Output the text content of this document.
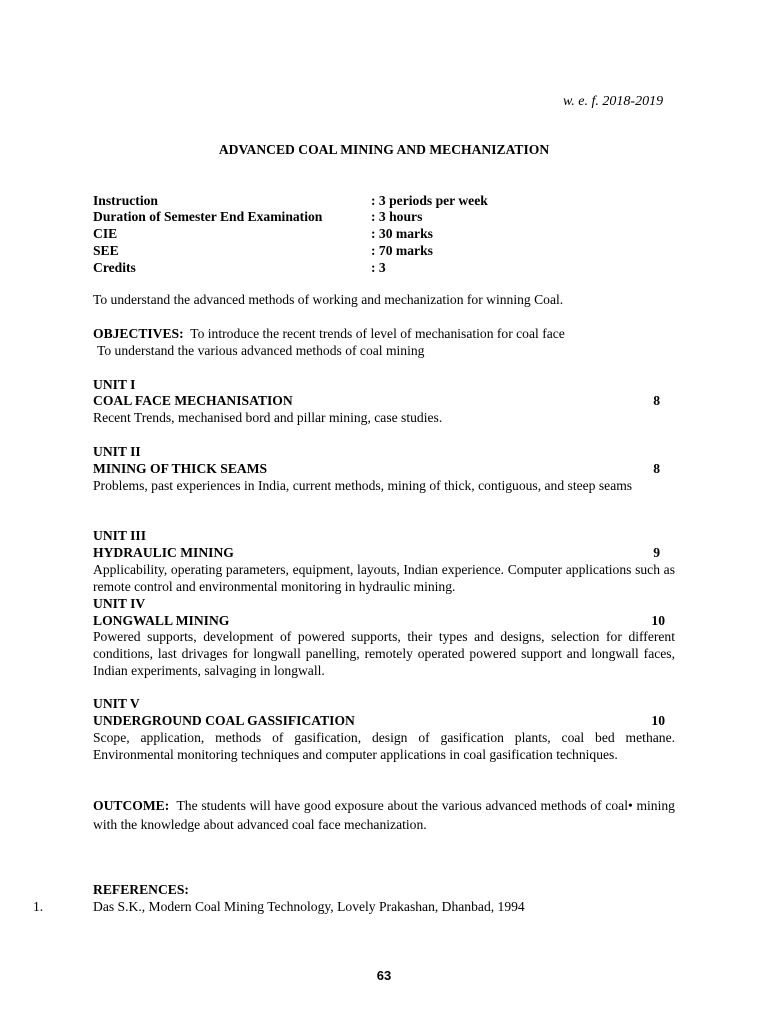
w. e. f. 2018-2019
ADVANCED COAL MINING AND MECHANIZATION
Instruction	: 3 periods per week
Duration of Semester End Examination	: 3 hours
CIE	: 30 marks
SEE	: 70 marks
Credits	: 3
To understand the advanced methods of working and mechanization for winning Coal.
OBJECTIVES: To introduce the recent trends of level of mechanisation for coal face
To understand the various advanced methods of coal mining
UNIT I
COAL FACE MECHANISATION	8
Recent Trends, mechanised bord and pillar mining, case studies.
UNIT II
MINING OF THICK SEAMS	8
Problems, past experiences in India, current methods, mining of thick, contiguous, and steep seams
UNIT III
HYDRAULIC MINING	9
Applicability, operating parameters, equipment, layouts, Indian experience. Computer applications such as remote control and environmental monitoring in hydraulic mining.
UNIT IV
LONGWALL MINING	10
Powered supports, development of powered supports, their types and designs, selection for different conditions, last drivages for longwall panelling, remotely operated powered support and longwall faces, Indian experiments, salvaging in longwall.
UNIT V
UNDERGROUND COAL GASSIFICATION	10
Scope, application, methods of gasification, design of gasification plants, coal bed methane. Environmental monitoring techniques and computer applications in coal gasification techniques.
OUTCOME: The students will have good exposure about the various advanced methods of coal• mining with the knowledge about advanced coal face mechanization.
REFERENCES:
1.	Das S.K., Modern Coal Mining Technology, Lovely Prakashan, Dhanbad, 1994
63
